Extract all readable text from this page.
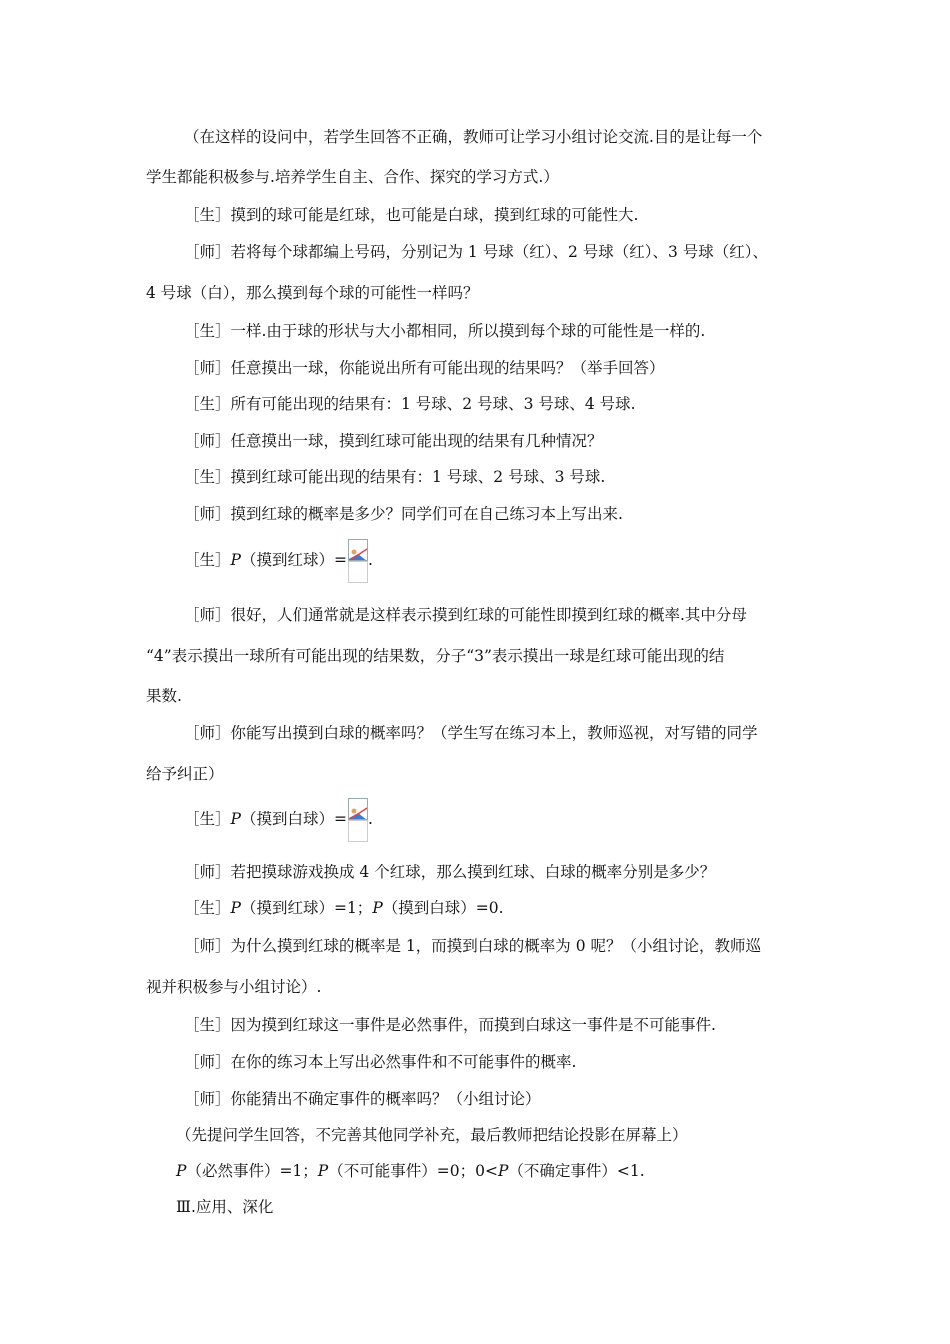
（在这样的设问中，若学生回答不正确，教师可让学习小组讨论交流.目的是让每一个
学生都能积极参与.培养学生自主、合作、探究的学习方式.）
［生］摸到的球可能是红球，也可能是白球，摸到红球的可能性大.
［师］若将每个球都编上号码，分别记为 1 号球（红）、2 号球（红）、3 号球（红）、
4 号球（白），那么摸到每个球的可能性一样吗？
［生］一样.由于球的形状与大小都相同，所以摸到每个球的可能性是一样的.
［师］任意摸出一球，你能说出所有可能出现的结果吗？（举手回答）
［生］所有可能出现的结果有：1 号球、2 号球、3 号球、4 号球.
［师］任意摸出一球，摸到红球可能出现的结果有几种情况？
［生］摸到红球可能出现的结果有：1 号球、2 号球、3 号球.
［师］摸到红球的概率是多少？同学们可在自己练习本上写出来.
［生］P（摸到红球）= .
［师］很好，人们通常就是这样表示摸到红球的可能性即摸到红球的概率.其中分母
“4”表示摸出一球所有可能出现的结果数，分子“3”表示摸出一球是红球可能出现的结
果数.
［师］你能写出摸到白球的概率吗？（学生写在练习本上，教师巡视，对写错的同学
给予纠正）
［生］P（摸到白球）= .
［师］若把摸球游戏换成 4 个红球，那么摸到红球、白球的概率分别是多少？
［生］P（摸到红球）=1；P（摸到白球）=0.
［师］为什么摸到红球的概率是 1，而摸到白球的概率为 0 呢？（小组讨论，教师巡
视并积极参与小组讨论）.
［生］因为摸到红球这一事件是必然事件，而摸到白球这一事件是不可能事件.
［师］在你的练习本上写出必然事件和不可能事件的概率.
［师］你能猜出不确定事件的概率吗？（小组讨论）
（先提问学生回答，不完善其他同学补充，最后教师把结论投影在屏幕上）
P（必然事件）=1；P（不可能事件）=0；0<P（不确定事件）<1.
Ⅲ.应用、深化
